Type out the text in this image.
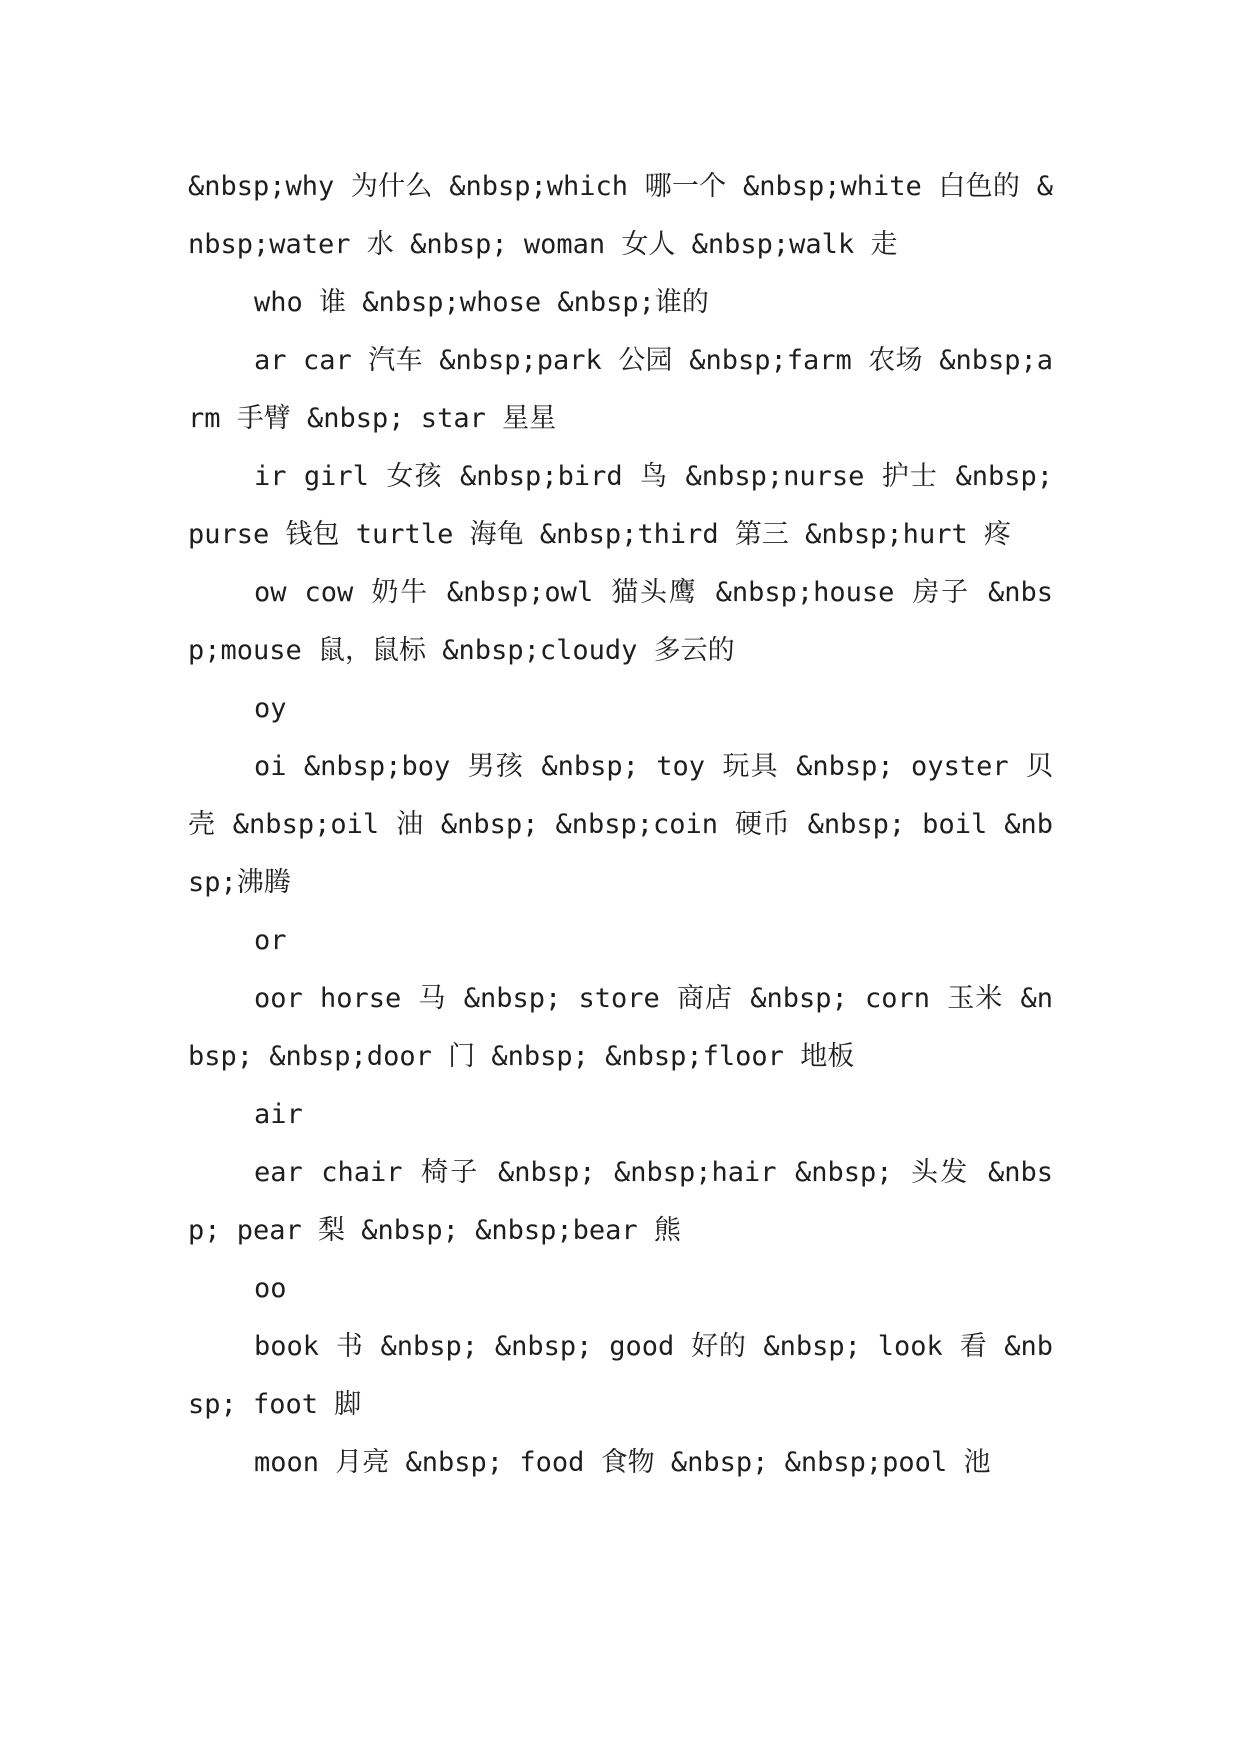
&nbsp;why 为什么 &nbsp;which 哪一个 &nbsp;white 白色的 &nbsp;water 水 &nbsp; woman 女人 &nbsp;walk 走

who 谁 &nbsp;whose &nbsp;谁的

ar car 汽车 &nbsp;park 公园 &nbsp;farm 农场 &nbsp;arm 手臂 &nbsp; star 星星

ir girl 女孩 &nbsp;bird 鸟 &nbsp;nurse 护士 &nbsp;purse 钱包 turtle 海龟 &nbsp;third 第三 &nbsp;hurt 疼

ow cow 奶牛 &nbsp;owl 猫头鹰 &nbsp;house 房子 &nbsp;mouse 鼠，鼠标 &nbsp;cloudy 多云的

oy

oi &nbsp;boy 男孩 &nbsp; toy 玩具 &nbsp; oyster 贝壳 &nbsp;oil 油 &nbsp; &nbsp;coin 硬币 &nbsp; boil &nbsp;沸腾

or

oor horse 马 &nbsp; store 商店 &nbsp; corn 玉米 &nbsp; &nbsp;door 门 &nbsp; &nbsp;floor 地板

air

ear chair 椅子 &nbsp; &nbsp;hair &nbsp; 头发 &nbsp; pear 梨 &nbsp; &nbsp;bear 熊

oo

book 书 &nbsp; &nbsp; good 好的 &nbsp; look 看 &nbsp; foot 脚

moon 月亮 &nbsp; food 食物 &nbsp; &nbsp;pool 池
